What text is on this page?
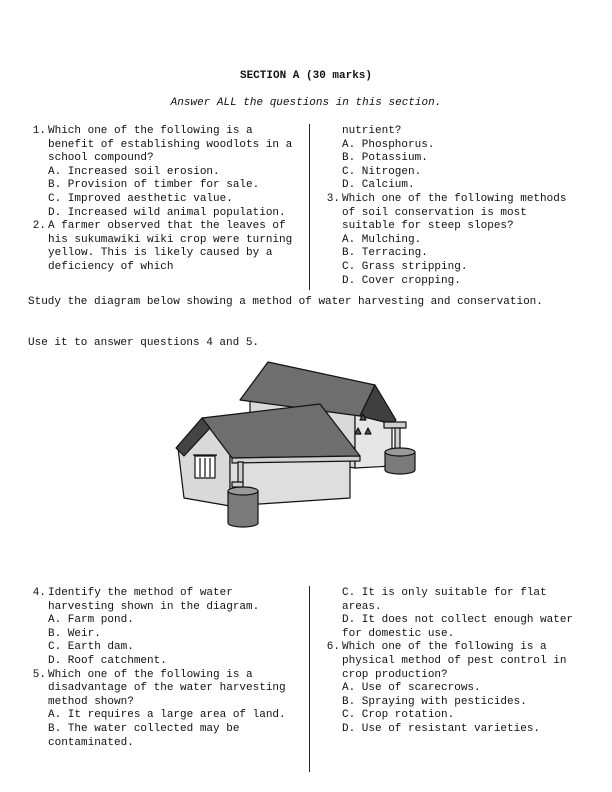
SECTION A (30 marks)
Answer ALL the questions in this section.
1. Which one of the following is a benefit of establishing woodlots in a school compound?

A. Increased soil erosion.

B. Provision of timber for sale.

C. Improved aesthetic value.

D. Increased wild animal population.

2. A farmer observed that the leaves of his sukumawiki wiki crop were turning yellow. This is likely caused by a deficiency of which

nutrient?

A. Phosphorus.

B. Potassium.

C. Nitrogen.

D. Calcium.

3. Which one of the following methods of soil conservation is most suitable for steep slopes?

A. Mulching.

B. Terracing.

C. Grass stripping.

D. Cover cropping.

Study the diagram below showing a method of water harvesting and conservation.
Use it to answer questions 4 and 5.
4. Identify the method of water harvesting shown in the diagram.

A. Farm pond.

B. Weir.

C. Earth dam.

D. Roof catchment.

5. Which one of the following is a disadvantage of the water harvesting method shown?

A. It requires a large area of land.

B. The water collected may be contaminated.

C. It is only suitable for flat areas.

D. It does not collect enough water for domestic use.

6. Which one of the following is a physical method of pest control in crop production?

A. Use of scarecrows.

B. Spraying with pesticides.

C. Crop rotation.

D. Use of resistant varieties.
